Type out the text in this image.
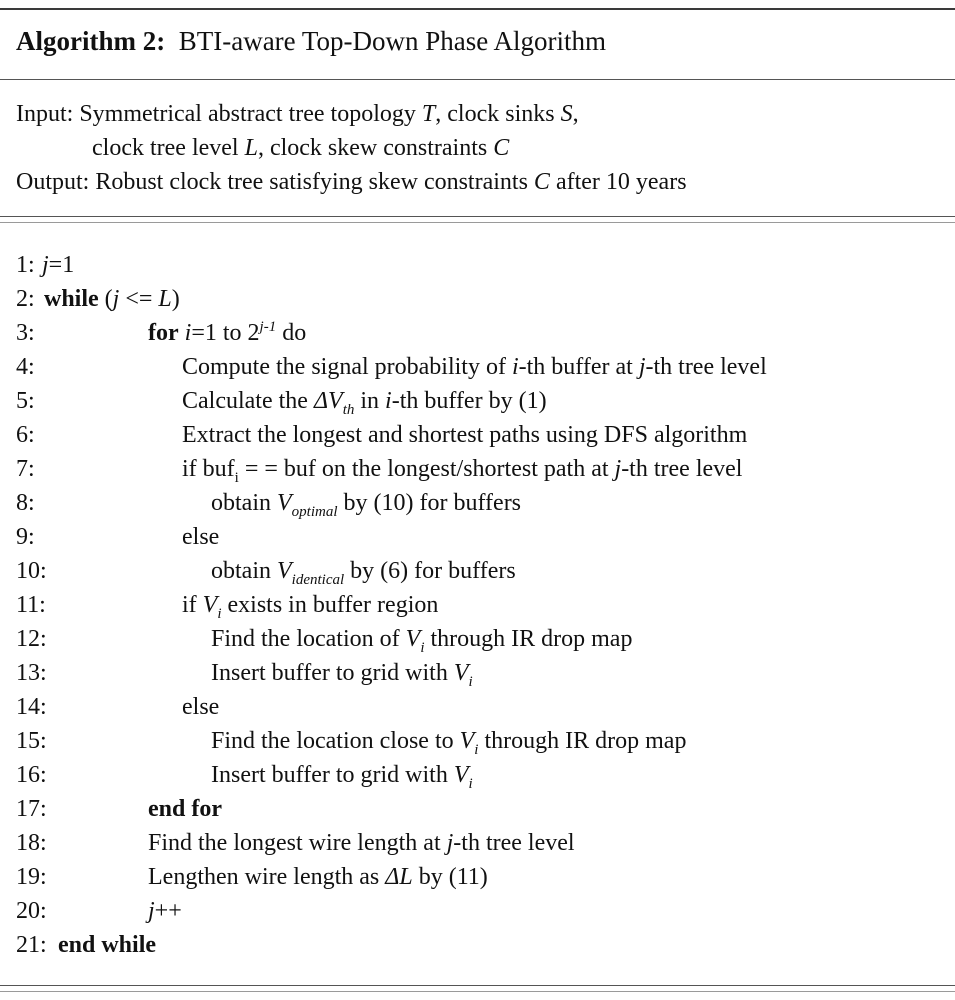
Algorithm 2: BTI-aware Top-Down Phase Algorithm
Input: Symmetrical abstract tree topology T, clock sinks S,
clock tree level L, clock skew constraints C
Output: Robust clock tree satisfying skew constraints C after 10 years
1: j=1
2: while (j <= L)
3:	for i=1 to 2$^{j-1}$ do
4:	Compute the signal probability of i-th buffer at j-th tree level
5:	Calculate the $\Delta V_{th}$ in i-th buffer by (1)
6:	Extract the longest and shortest paths using DFS algorithm
7:	if buf$_i$ = = buf on the longest/shortest path at j-th tree level
8:	obtain $V_{optimal}$ by (10) for buffers
9:	else
10:	obtain $V_{identical}$ by (6) for buffers
11:	if $V_i$ exists in buffer region
12:	Find the location of $V_i$ through IR drop map
13:	Insert buffer to grid with $V_i$
14:	else
15:	Find the location close to $V_i$ through IR drop map
16:	Insert buffer to grid with $V_i$
17:	end for
18:	Find the longest wire length at j-th tree level
19:	Lengthen wire length as ΔL by (11)
20:	j++
21: end while
